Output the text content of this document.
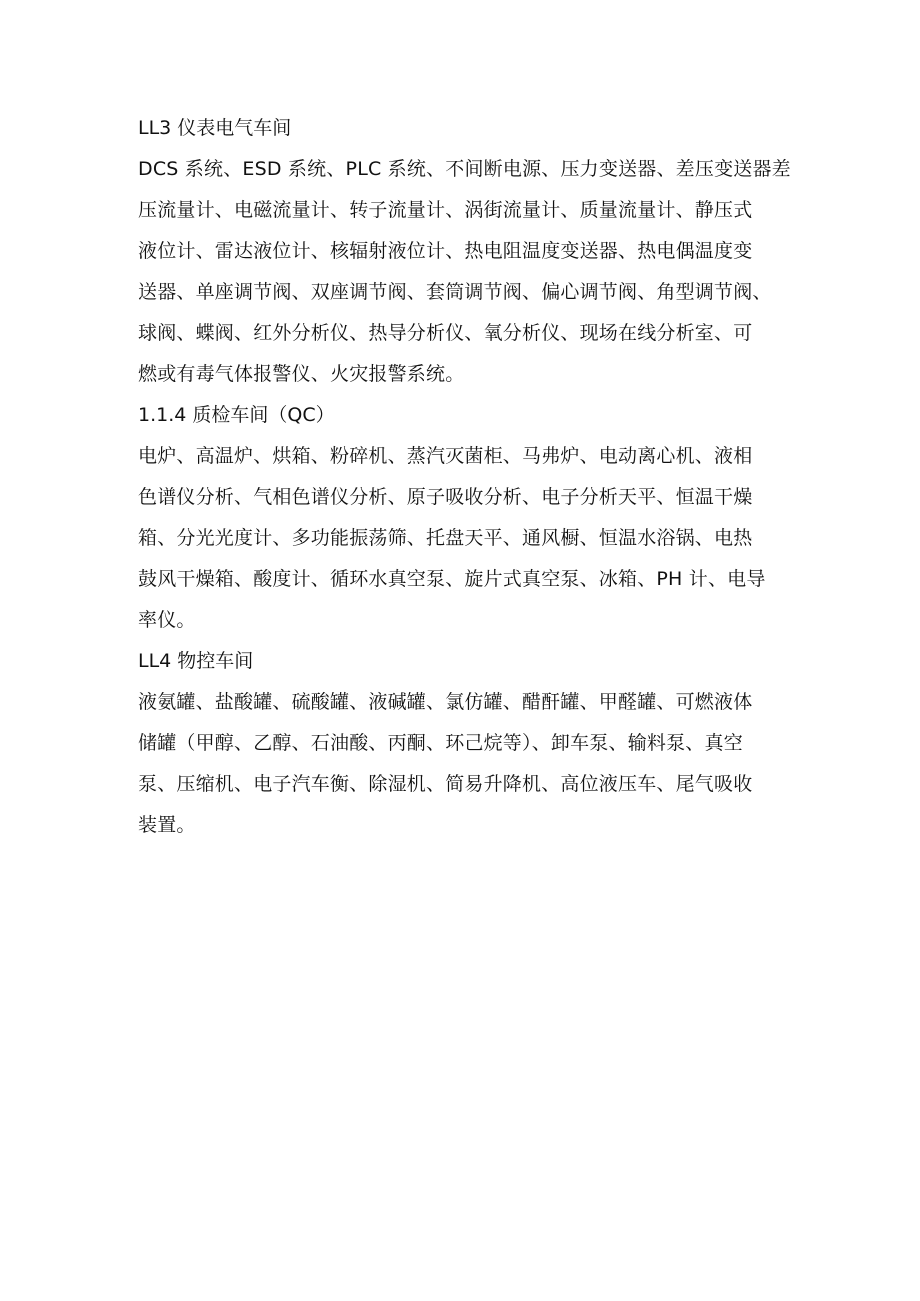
LL3 仪表电气车间

DCS 系统、ESD 系统、PLC 系统、不间断电源、压力变送器、差压变送器差
压流量计、电磁流量计、转子流量计、涡街流量计、质量流量计、静压式
液位计、雷达液位计、核辐射液位计、热电阻温度变送器、热电偶温度变
送器、单座调节阀、双座调节阀、套筒调节阀、偏心调节阀、角型调节阀、
球阀、蝶阀、红外分析仪、热导分析仪、氧分析仪、现场在线分析室、可
燃或有毒气体报警仪、火灾报警系统。

1.1.4 质检车间（QC）

电炉、高温炉、烘箱、粉碎机、蒸汽灭菌柜、马弗炉、电动离心机、液相
色谱仪分析、气相色谱仪分析、原子吸收分析、电子分析天平、恒温干燥
箱、分光光度计、多功能振荡筛、托盘天平、通风橱、恒温水浴锅、电热
鼓风干燥箱、酸度计、循环水真空泵、旋片式真空泵、冰箱、PH 计、电导
率仪。

LL4 物控车间

液氨罐、盐酸罐、硫酸罐、液碱罐、氯仿罐、醋酐罐、甲醛罐、可燃液体
储罐（甲醇、乙醇、石油酸、丙酮、环己烷等）、卸车泵、输料泵、真空
泵、压缩机、电子汽车衡、除湿机、简易升降机、高位液压车、尾气吸收
装置。
